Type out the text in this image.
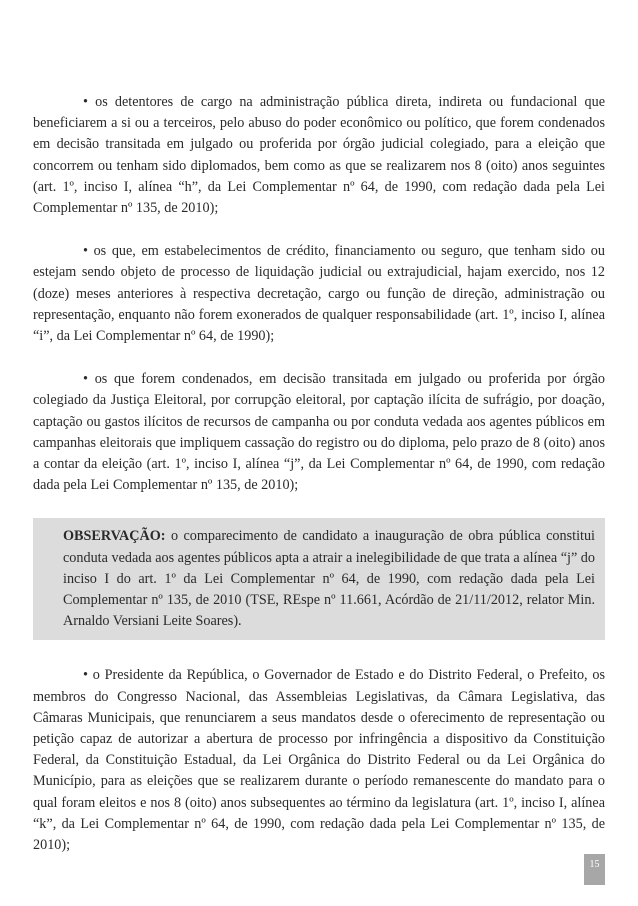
• os detentores de cargo na administração pública direta, indireta ou fundacional que beneficiarem a si ou a terceiros, pelo abuso do poder econômico ou político, que forem condenados em decisão transitada em julgado ou proferida por órgão judicial colegiado, para a eleição que concorrem ou tenham sido diplomados, bem como as que se realizarem nos 8 (oito) anos seguintes (art. 1º, inciso I, alínea “h”, da Lei Complementar nº 64, de 1990, com redação dada pela Lei Complementar nº 135, de 2010);

• os que, em estabelecimentos de crédito, financiamento ou seguro, que tenham sido ou estejam sendo objeto de processo de liquidação judicial ou extrajudicial, hajam exercido, nos 12 (doze) meses anteriores à respectiva decretação, cargo ou função de direção, administração ou representação, enquanto não forem exonerados de qualquer responsabilidade (art. 1º, inciso I, alínea “i”, da Lei Complementar nº 64, de 1990);

• os que forem condenados, em decisão transitada em julgado ou proferida por órgão colegiado da Justiça Eleitoral, por corrupção eleitoral, por captação ilícita de sufrágio, por doação, captação ou gastos ilícitos de recursos de campanha ou por conduta vedada aos agentes públicos em campanhas eleitorais que impliquem cassação do registro ou do diploma, pelo prazo de 8 (oito) anos a contar da eleição (art. 1º, inciso I, alínea “j”, da Lei Complementar nº 64, de 1990, com redação dada pela Lei Complementar nº 135, de 2010);

OBSERVAÇÃO: o comparecimento de candidato a inauguração de obra pública constitui conduta vedada aos agentes públicos apta a atrair a inelegibilidade de que trata a alínea “j” do inciso I do art. 1º da Lei Complementar nº 64, de 1990, com redação dada pela Lei Complementar nº 135, de 2010 (TSE, REspe nº 11.661, Acórdão de 21/11/2012, relator Min. Arnaldo Versiani Leite Soares).

• o Presidente da República, o Governador de Estado e do Distrito Federal, o Prefeito, os membros do Congresso Nacional, das Assembleias Legislativas, da Câmara Legislativa, das Câmaras Municipais, que renunciarem a seus mandatos desde o oferecimento de representação ou petição capaz de autorizar a abertura de processo por infringência a dispositivo da Constituição Federal, da Constituição Estadual, da Lei Orgânica do Distrito Federal ou da Lei Orgânica do Município, para as eleições que se realizarem durante o período remanescente do mandato para o qual foram eleitos e nos 8 (oito) anos subsequentes ao término da legislatura (art. 1º, inciso I, alínea “k”, da Lei Complementar nº 64, de 1990, com redação dada pela Lei Complementar nº 135, de 2010);

15
